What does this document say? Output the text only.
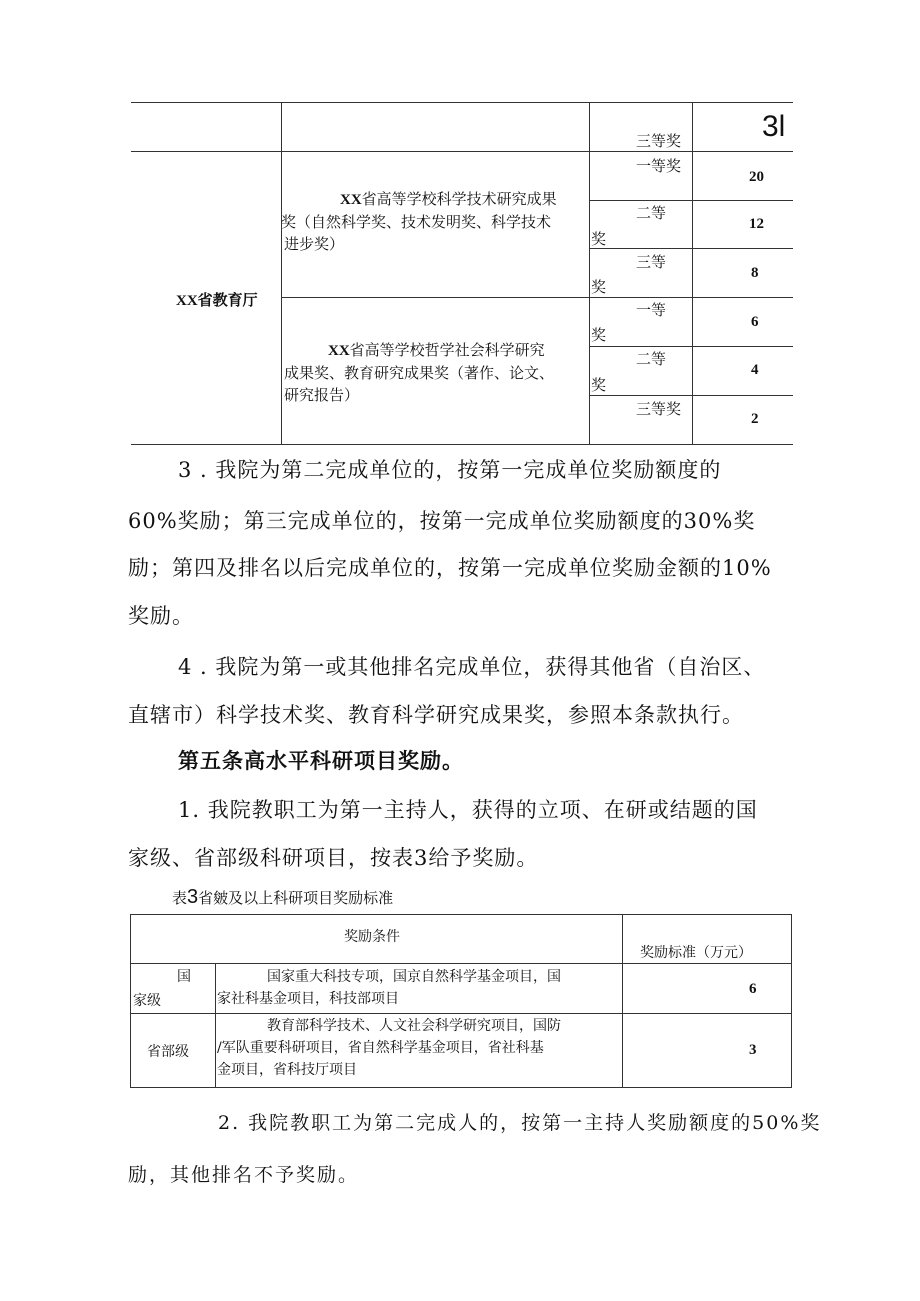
三等奖	3l
XX省教育厅
XX省高等学校科学技术研究成果
奖（自然科学奖、技术发明奖、科学技术
进步奖）
一等奖
20
二等
奖
12
三等
奖
8
XX省高等学校哲学社会科学研究
成果奖、教育研究成果奖（著作、论文、
研究报告）
一等
奖
6
二等
奖
4
三等奖
2
3 . 我院为第二完成单位的，按第一完成单位奖励额度的
60%奖励；第三完成单位的，按第一完成单位奖励额度的30%奖
励；第四及排名以后完成单位的，按第一完成单位奖励金额的10%
奖励。
4 . 我院为第一或其他排名完成单位，获得其他省（自治区、
直辖市）科学技术奖、教育科学研究成果奖，参照本条款执行。
第五条高水平科研项目奖励。
1. 我院教职工为第一主持人，获得的立项、在研或结题的国
家级、省部级科研项目，按表3给予奖励。
表3省皴及以上科研项目奖励标准
奖励条件
奖励标准（万元）
国
家级
国家重大科技专项，国京自然科学基金项目，国
家社科基金项目，科技部项目
6
省部级
教育部科学技术、人文社会科学研究项目，国防
/军队重要科研项目，省自然科学基金项目，省社科基
金项目，省科技厅项目
3
2. 我院教职工为第二完成人的，按第一主持人奖励额度的50%奖
励，其他排名不予奖励。
